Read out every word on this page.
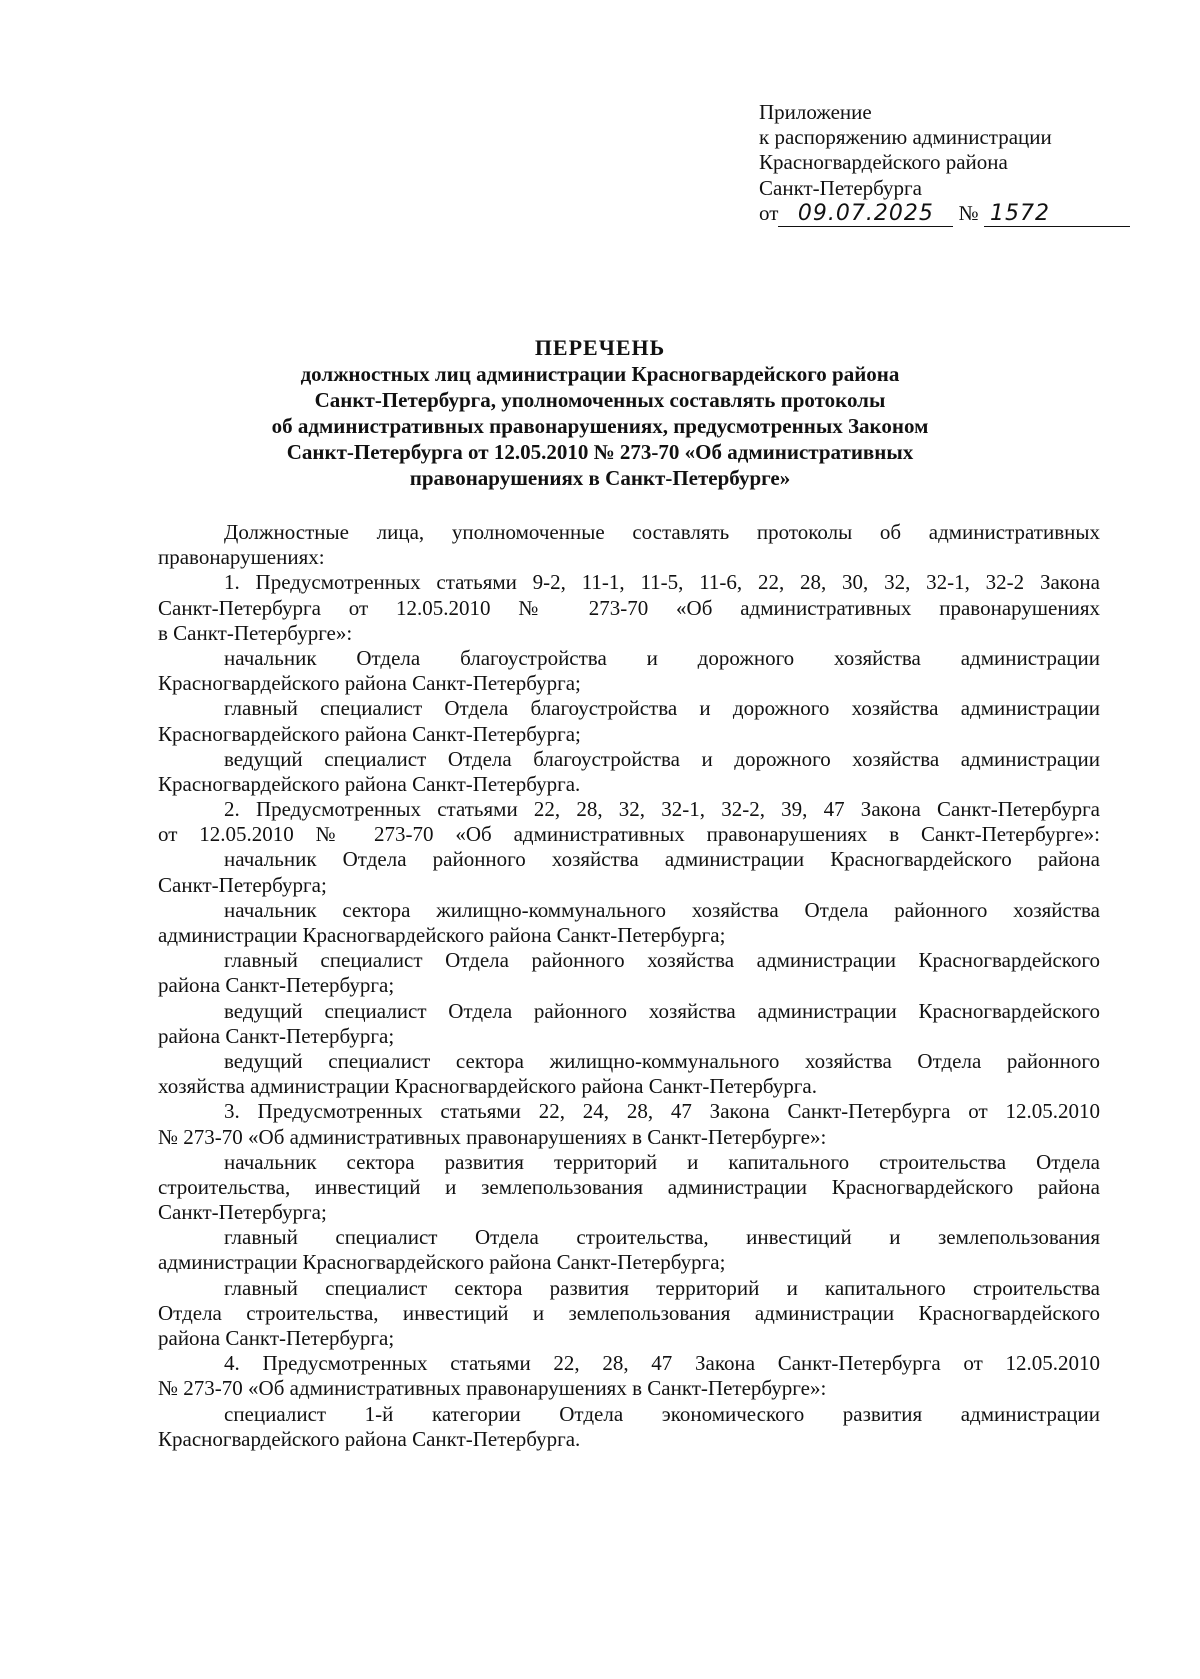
Приложение
к распоряжению администрации
Красногвардейского района
Санкт-Петербурга
от 09.07.2025 № 1572
ПЕРЕЧЕНЬ
должностных лиц администрации Красногвардейского района
Санкт-Петербурга, уполномоченных составлять протоколы
об административных правонарушениях, предусмотренных Законом
Санкт-Петербурга от 12.05.2010 № 273-70 «Об административных
правонарушениях в Санкт-Петербурге»
Должностные лица, уполномоченные составлять протоколы об административных
правонарушениях:
1. Предусмотренных статьями 9-2, 11-1, 11-5, 11-6, 22, 28, 30, 32, 32-1, 32-2 Закона
Санкт-Петербурга от 12.05.2010 № 273-70 «Об административных правонарушениях
в Санкт-Петербурге»:
начальник Отдела благоустройства и дорожного хозяйства администрации
Красногвардейского района Санкт-Петербурга;
главный специалист Отдела благоустройства и дорожного хозяйства администрации
Красногвардейского района Санкт-Петербурга;
ведущий специалист Отдела благоустройства и дорожного хозяйства администрации
Красногвардейского района Санкт-Петербурга.
2. Предусмотренных статьями 22, 28, 32, 32-1, 32-2, 39, 47 Закона Санкт-Петербурга
от 12.05.2010 № 273-70 «Об административных правонарушениях в Санкт-Петербурге»:
начальник Отдела районного хозяйства администрации Красногвардейского района
Санкт-Петербурга;
начальник сектора жилищно-коммунального хозяйства Отдела районного хозяйства
администрации Красногвардейского района Санкт-Петербурга;
главный специалист Отдела районного хозяйства администрации Красногвардейского
района Санкт-Петербурга;
ведущий специалист Отдела районного хозяйства администрации Красногвардейского
района Санкт-Петербурга;
ведущий специалист сектора жилищно-коммунального хозяйства Отдела районного
хозяйства администрации Красногвардейского района Санкт-Петербурга.
3. Предусмотренных статьями 22, 24, 28, 47 Закона Санкт-Петербурга от 12.05.2010
№ 273-70 «Об административных правонарушениях в Санкт-Петербурге»:
начальник сектора развития территорий и капитального строительства Отдела
строительства, инвестиций и землепользования администрации Красногвардейского района
Санкт-Петербурга;
главный специалист Отдела строительства, инвестиций и землепользования
администрации Красногвардейского района Санкт-Петербурга;
главный специалист сектора развития территорий и капитального строительства
Отдела строительства, инвестиций и землепользования администрации Красногвардейского
района Санкт-Петербурга;
4. Предусмотренных статьями 22, 28, 47 Закона Санкт-Петербурга от 12.05.2010
№ 273-70 «Об административных правонарушениях в Санкт-Петербурге»:
специалист 1-й категории Отдела экономического развития администрации
Красногвардейского района Санкт-Петербурга.
